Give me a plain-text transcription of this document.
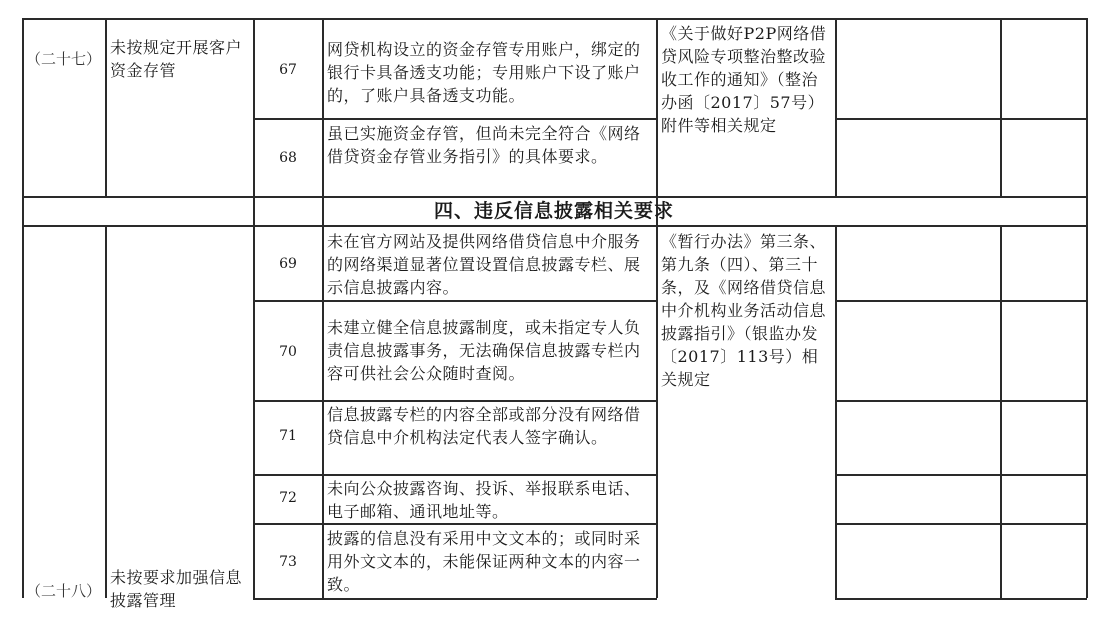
（二十七）
未按规定开展客户资金存管	67
网贷机构设立的资金存管专用账户，绑定的银行卡具备透支功能；专用账户下设了账户的，了账户具备透支功能。
68
虽已实施资金存管，但尚未完全符合《网络借贷资金存管业务指引》的具体要求。
《关于做好P2P网络借贷风险专项整治整改验收工作的通知》（整治办函〔2017〕57号）附件等相关规定
四、违反信息披露相关要求
69
未在官方网站及提供网络借贷信息中介服务的网络渠道显著位置设置信息披露专栏、展示信息披露内容。
70
未建立健全信息披露制度，或未指定专人负责信息披露事务，无法确保信息披露专栏内容可供社会公众随时查阅。
71
信息披露专栏的内容全部或部分没有网络借贷信息中介机构法定代表人签字确认。
72	未向公众披露咨询、投诉、举报联系电话、电子邮箱、通讯地址等。
73
披露的信息没有采用中文文本的；或同时采用外文文本的，未能保证两种文本的内容一致。
《暂行办法》第三条、第九条（四）、第三十条，及《网络借贷信息中介机构业务活动信息披露指引》（银监办发〔2017〕113号）相关规定
（二十八）
未按要求加强信息披露管理
